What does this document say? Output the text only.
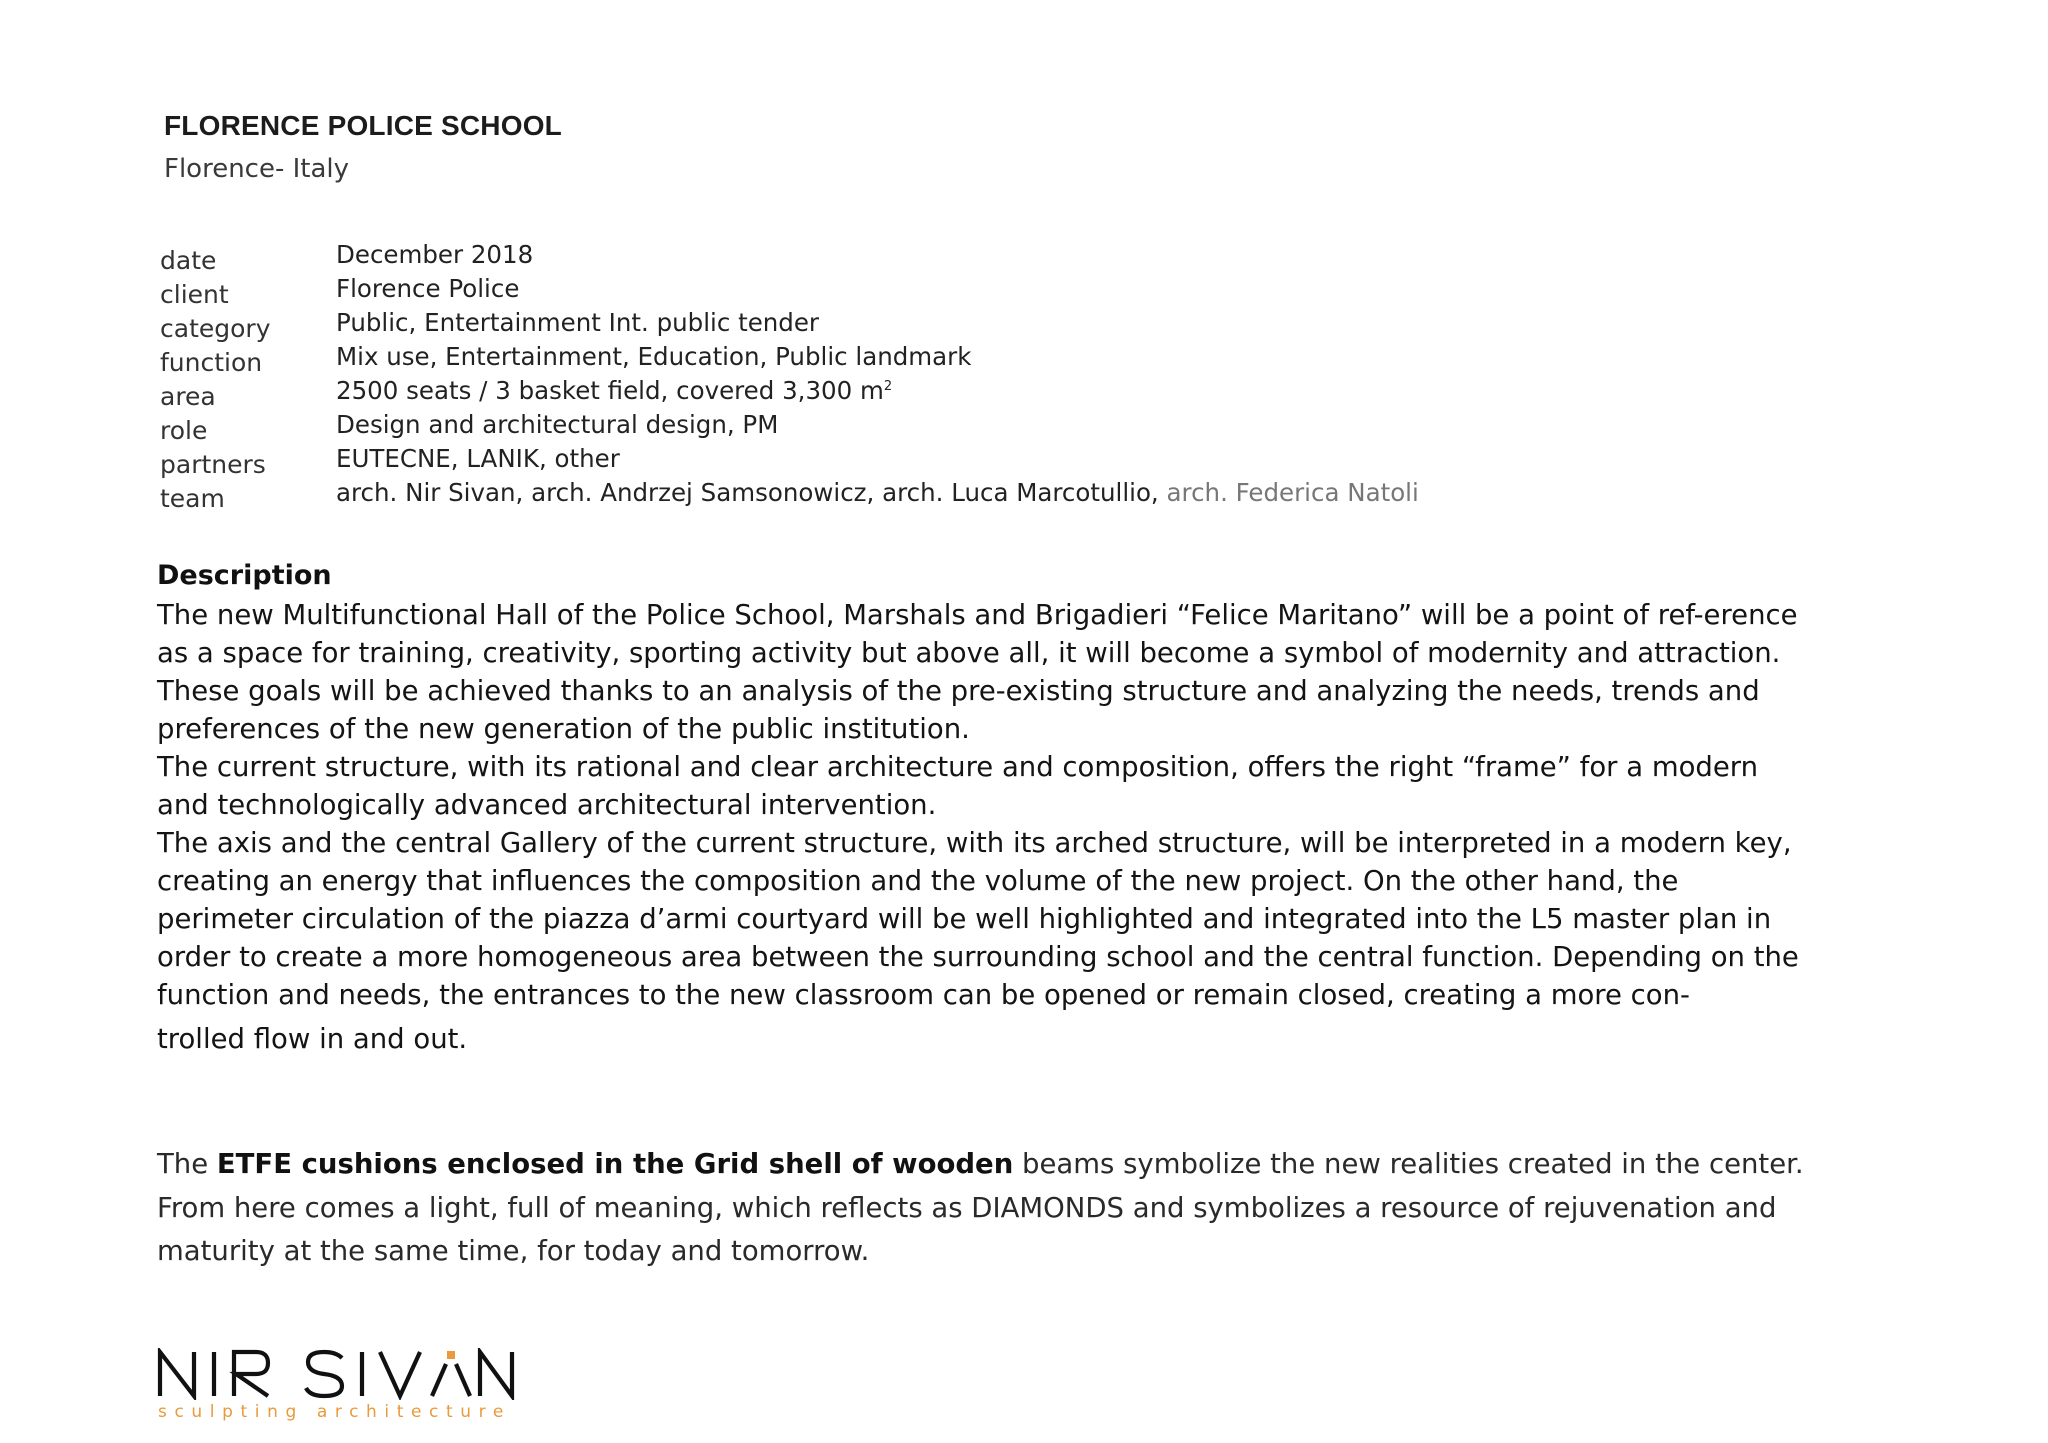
FLORENCE POLICE SCHOOL
Florence- Italy
date	December 2018
client	Florence Police
category	Public, Entertainment Int. public tender
function	Mix use, Entertainment, Education, Public landmark
area	2500 seats / 3 basket field, covered 3,300 $m^2$
role	Design and architectural design, PM
partners	EUTECNE, LANIK, other
team	arch. Nir Sivan, arch. Andrzej Samsonowicz, arch. Luca Marcotullio, arch. Federica Natoli
Description

The new Multifunctional Hall of the Police School, Marshals and Brigadieri “Felice Maritano” will be a point of ref-erence as a space for training, creativity, sporting activity but above all, it will become a symbol of modernity and attraction.

These goals will be achieved thanks to an analysis of the pre-existing structure and analyzing the needs, trends and preferences of the new generation of the public institution.

The current structure, with its rational and clear architecture and composition, offers the right “frame” for a modern and technologically advanced architectural intervention.

The axis and the central Gallery of the current structure, with its arched structure, will be interpreted in a modern key, creating an energy that influences the composition and the volume of the new project. On the other hand, the perimeter circulation of the piazza d’armi courtyard will be well highlighted and integrated into the L5 master plan in order to create a more homogeneous area between the surrounding school and the central function. Depending on the function and needs, the entrances to the new classroom can be opened or remain closed, creating a more con-

trolled flow in and out.

The ETFE cushions enclosed in the Grid shell of wooden beams symbolize the new realities created in the center. From here comes a light, full of meaning, which reflects as DIAMONDS and symbolizes a resource of rejuvenation and maturity at the same time, for today and tomorrow.
sculpting architecture
